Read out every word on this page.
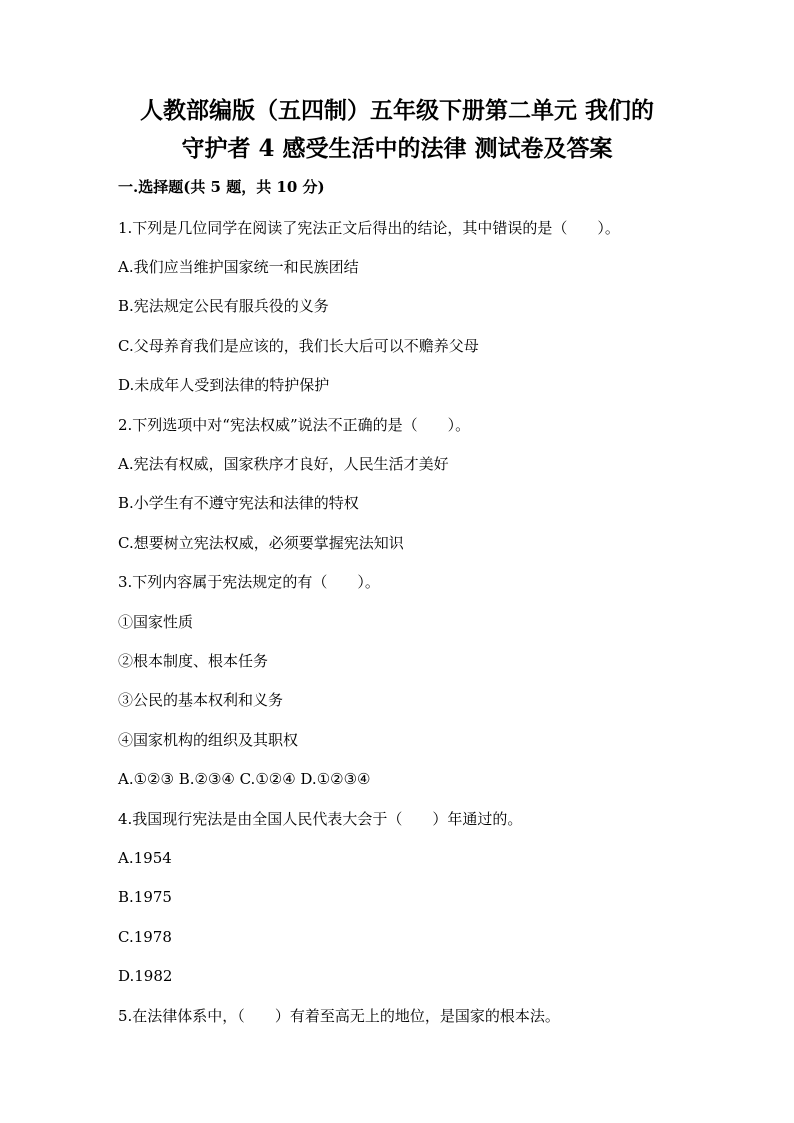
人教部编版（五四制）五年级下册第二单元 我们的
守护者 4 感受生活中的法律 测试卷及答案
一.选择题(共 5 题，共 10 分)
1.下列是几位同学在阅读了宪法正文后得出的结论，其中错误的是（　　）。
A.我们应当维护国家统一和民族团结
B.宪法规定公民有服兵役的义务
C.父母养育我们是应该的，我们长大后可以不赡养父母
D.未成年人受到法律的特护保护
2.下列选项中对“宪法权威”说法不正确的是（　　）。
A.宪法有权威，国家秩序才良好，人民生活才美好
B.小学生有不遵守宪法和法律的特权
C.想要树立宪法权威，必须要掌握宪法知识
3.下列内容属于宪法规定的有（　　）。
①国家性质
②根本制度、根本任务
③公民的基本权利和义务
④国家机构的组织及其职权
A.①②③ B.②③④ C.①②④ D.①②③④
4.我国现行宪法是由全国人民代表大会于（　　）年通过的。
A.1954
B.1975
C.1978
D.1982
5.在法律体系中，（　　）有着至高无上的地位，是国家的根本法。
